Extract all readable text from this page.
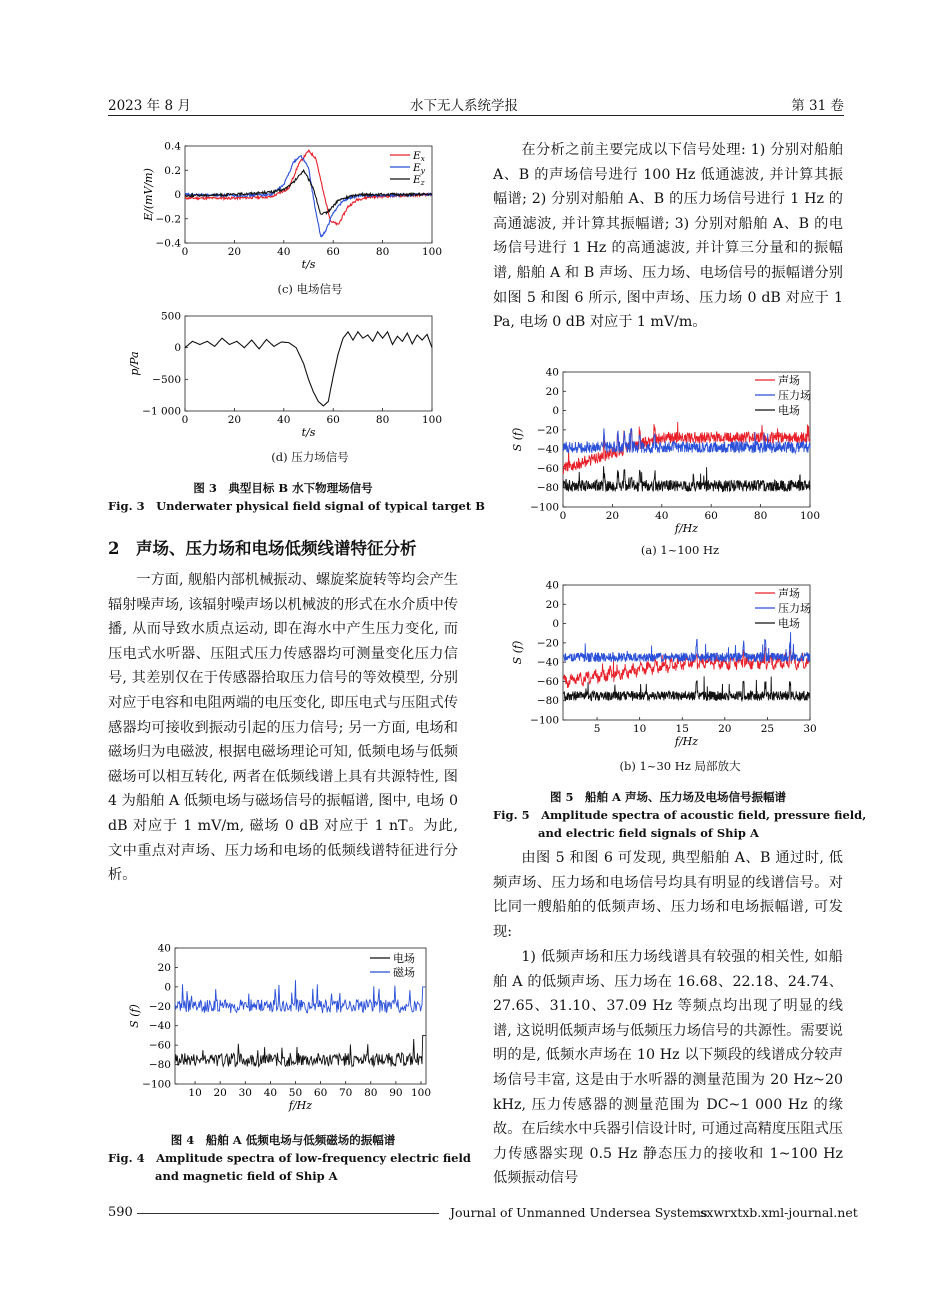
2023 年 8 月	水下无人系统学报	第 31 卷
0	20	40	60	80	100
−0.4
−0.2
0
0.2
0.4
t/s
E/(mV/m)
Ex
Ey
Ez
(c) 电场信号
0	20	40	60	80	100
−1 000
−500
0
500
t/s
p/Pa
(d) 压力场信号
图 3　典型目标 B 水下物理场信号
Fig. 3　Underwater physical field signal of typical target B
2　声场、压力场和电场低频线谱特征分析

一方面, 舰船内部机械振动、螺旋桨旋转等均会产生辐射噪声场, 该辐射噪声场以机械波的形式在水介质中传播, 从而导致水质点运动, 即在海水中产生压力变化, 而压电式水听器、压阻式压力传感器均可测量变化压力信号, 其差别仅在于传感器拾取压力信号的等效模型, 分别对应于电容和电阻两端的电压变化, 即压电式与压阻式传感器均可接收到振动引起的压力信号; 另一方面, 电场和磁场归为电磁波, 根据电磁场理论可知, 低频电场与低频磁场可以相互转化, 两者在低频线谱上具有共源特性, 图 4 为船舶 A 低频电场与磁场信号的振幅谱, 图中, 电场 0 dB 对应于 1 mV/m, 磁场 0 dB 对应于 1 nT。为此, 文中重点对声场、压力场和电场的低频线谱特征进行分析。

10 20 30 40 50 60 70 80 90 100
−100
−80
−60
−40
−20
0
20
40
f/Hz
S (f)
电场
磁场
图 4　船舶 A 低频电场与低频磁场的振幅谱
Fig. 4　Amplitude spectra of low-frequency electric field
and magnetic field of Ship A

在分析之前主要完成以下信号处理: 1) 分别对船舶 A、B 的声场信号进行 100 Hz 低通滤波, 并计算其振幅谱; 2) 分别对船舶 A、B 的压力场信号进行 1 Hz 的高通滤波, 并计算其振幅谱; 3) 分别对船舶 A、B 的电场信号进行 1 Hz 的高通滤波, 并计算三分量和的振幅谱, 船舶 A 和 B 声场、压力场、电场信号的振幅谱分别如图 5 和图 6 所示, 图中声场、压力场 0 dB 对应于 1 Pa, 电场 0 dB 对应于 1 mV/m。

0	20	40	60	80	100
−100
−80
−60
−40
−20
0
20
40
f/Hz
S (f)
声场
压力场
电场
(a) 1~100 Hz
5	10	15	20	25	30
−100
−80
−60
−40
−20
0
20
40
f/Hz
S (f)
声场
压力场
电场
(b) 1~30 Hz 局部放大
图 5　船舶 A 声场、压力场及电场信号振幅谱
Fig. 5　Amplitude spectra of acoustic field, pressure field,
and electric field signals of Ship A

由图 5 和图 6 可发现, 典型船舶 A、B 通过时, 低频声场、压力场和电场信号均具有明显的线谱信号。对比同一艘船舶的低频声场、压力场和电场振幅谱, 可发现:

1) 低频声场和压力场线谱具有较强的相关性, 如船舶 A 的低频声场、压力场在 16.68、22.18、24.74、27.65、31.10、37.09 Hz 等频点均出现了明显的线谱, 这说明低频声场与低频压力场信号的共源性。需要说明的是, 低频水声场在 10 Hz 以下频段的线谱成分较声场信号丰富, 这是由于水听器的测量范围为 20 Hz~20 kHz, 压力传感器的测量范围为 DC~1 000 Hz 的缘故。在后续水中兵器引信设计时, 可通过高精度压阻式压力传感器实现 0.5 Hz 静态压力的接收和 1~100 Hz 低频振动信号

590	Journal of Unmanned Undersea Systems
sxwrxtxb.xml-journal.net
